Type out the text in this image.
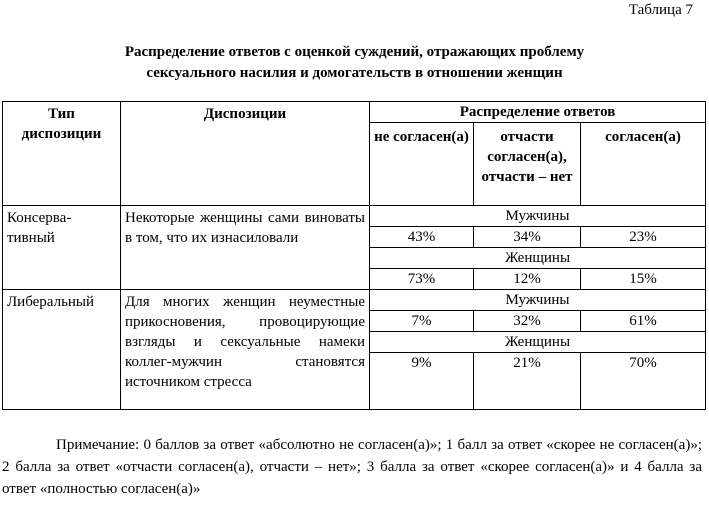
Таблица 7
Распределение ответов с оценкой суждений, отражающих проблему
сексуального насилия и домогательств в отношении женщин
Тип диспозиции	Диспозиции	Распределение ответов		
		не согласен(а)	отчасти согласен(а), отчасти – нет	согласен(а)
Консерва-тивный	Некоторые женщины сами виноваты в том, что их изнасиловали	Мужчины		
		43%	34%	23%
		Женщины		
		73%	12%	15%
Либеральный	Для многих женщин неуместные прикосновения, провоцирующие взгляды и сексуальные намеки коллег-мужчин становятся источником стресса	Мужчины		
		7%	32%	61%
		Женщины		
		9%	21%	70%
Примечание: 0 баллов за ответ «абсолютно не согласен(а)»; 1 балл за ответ «скорее не согласен(а)»; 2 балла за ответ «отчасти согласен(а), отчасти – нет»; 3 балла за ответ «скорее согласен(а)» и 4 балла за ответ «полностью согласен(а)»
